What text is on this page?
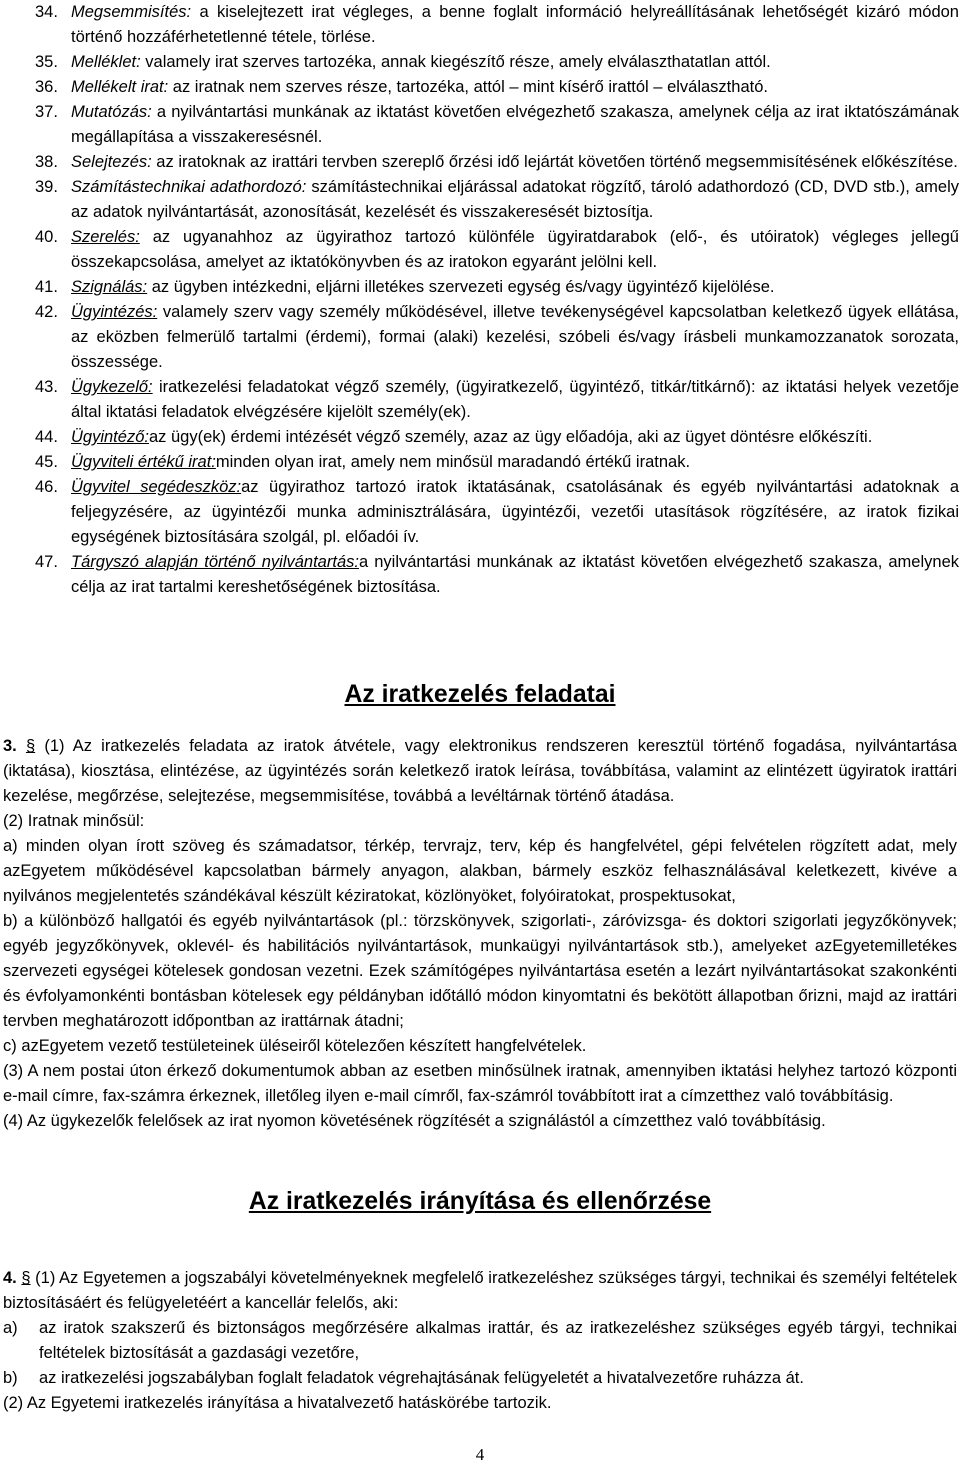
34. Megsemmisítés: a kiselejtezett irat végleges, a benne foglalt információ helyreállításának lehetőségét kizáró módon történő hozzáférhetetlenné tétele, törlése.
35. Melléklet: valamely irat szerves tartozéka, annak kiegészítő része, amely elválaszthatatlan attól.
36. Mellékelt irat: az iratnak nem szerves része, tartozéka, attól – mint kísérő irattól – elválasztható.
37. Mutatózás: a nyilvántartási munkának az iktatást követően elvégezhető szakasza, amelynek célja az irat iktatószámának megállapítása a visszakeresésnél.
38. Selejtezés: az iratoknak az irattári tervben szereplő őrzési idő lejártát követően történő megsemmisítésének előkészítése.
39. Számítástechnikai adathordozó: számítástechnikai eljárással adatokat rögzítő, tároló adathordozó (CD, DVD stb.), amely az adatok nyilvántartását, azonosítását, kezelését és visszakeresését biztosítja.
40. Szerelés: az ugyanahhoz az ügyirathoz tartozó különféle ügyiratdarabok (elő-, és utóiratok) végleges jellegű összekapcsolása, amelyet az iktatókönyvben és az iratokon egyaránt jelölni kell.
41. Szignálás: az ügyben intézkedni, eljárni illetékes szervezeti egység és/vagy ügyintéző kijelölése.
42. Ügyintézés: valamely szerv vagy személy működésével, illetve tevékenységével kapcsolatban keletkező ügyek ellátása, az eközben felmerülő tartalmi (érdemi), formai (alaki) kezelési, szóbeli és/vagy írásbeli munkamozzanatok sorozata, összessége.
43. Ügykezelő: iratkezelési feladatokat végző személy, (ügyiratkezelő, ügyintéző, titkár/titkárnő): az iktatási helyek vezetője által iktatási feladatok elvégzésére kijelölt személy(ek).
44. Ügyintéző:az ügy(ek) érdemi intézését végző személy, azaz az ügy előadója, aki az ügyet döntésre előkészíti.
45. Ügyviteli értékű irat:minden olyan irat, amely nem minősül maradandó értékű iratnak.
46. Ügyvitel segédeszköz:az ügyirathoz tartozó iratok iktatásának, csatolásának és egyéb nyilvántartási adatoknak a feljegyzésére, az ügyintézői munka adminisztrálására, ügyintézői, vezetői utasítások rögzítésére, az iratok fizikai egységének biztosítására szolgál, pl. előadói ív.
47. Tárgyszó alapján történő nyilvántartás:a nyilvántartási munkának az iktatást követően elvégezhető szakasza, amelynek célja az irat tartalmi kereshetőségének biztosítása.
Az iratkezelés feladatai

3. § (1) Az iratkezelés feladata az iratok átvétele, vagy elektronikus rendszeren keresztül történő fogadása, nyilvántartása (iktatása), kiosztása, elintézése, az ügyintézés során keletkező iratok leírása, továbbítása, valamint az elintézett ügyiratok irattári kezelése, megőrzése, selejtezése, megsemmisítése, továbbá a levéltárnak történő átadása.

(2) Iratnak minősül:

a) minden olyan írott szöveg és számadatsor, térkép, tervrajz, terv, kép és hangfelvétel, gépi felvételen rögzített adat, mely azEgyetem működésével kapcsolatban bármely anyagon, alakban, bármely eszköz felhasználásával keletkezett, kivéve a nyilvános megjelentetés szándékával készült kéziratokat, közlönyöket, folyóiratokat, prospektusokat,

b) a különböző hallgatói és egyéb nyilvántartások (pl.: törzskönyvek, szigorlati-, záróvizsga- és doktori szigorlati jegyzőkönyvek; egyéb jegyzőkönyvek, oklevél- és habilitációs nyilvántartások, munkaügyi nyilvántartások stb.), amelyeket azEgyetemilletékes szervezeti egységei kötelesek gondosan vezetni. Ezek számítógépes nyilvántartása esetén a lezárt nyilvántartásokat szakonkénti és évfolyamonkénti bontásban kötelesek egy példányban időtálló módon kinyomtatni és bekötött állapotban őrizni, majd az irattári tervben meghatározott időpontban az irattárnak átadni;

c) azEgyetem vezető testületeinek üléseiről kötelezően készített hangfelvételek.

(3) A nem postai úton érkező dokumentumok abban az esetben minősülnek iratnak, amennyiben iktatási helyhez tartozó központi e-mail címre, fax-számra érkeznek, illetőleg ilyen e-mail címről, fax-számról továbbított irat a címzetthez való továbbításig.

(4) Az ügykezelők felelősek az irat nyomon követésének rögzítését a szignálástól a címzetthez való továbbításig.

Az iratkezelés irányítása és ellenőrzése

4. § (1) Az Egyetemen a jogszabályi követelményeknek megfelelő iratkezeléshez szükséges tárgyi, technikai és személyi feltételek biztosításáért és felügyeletéért a kancellár felelős, aki:

a)	az iratok szakszerű és biztonságos megőrzésére alkalmas irattár, és az iratkezeléshez szükséges egyéb tárgyi, technikai feltételek biztosítását a gazdasági vezetőre,
b)	az iratkezelési jogszabályban foglalt feladatok végrehajtásának felügyeletét a hivatalvezetőre ruházza át.

(2) Az Egyetemi iratkezelés irányítása a hivatalvezető hatáskörébe tartozik.

4
